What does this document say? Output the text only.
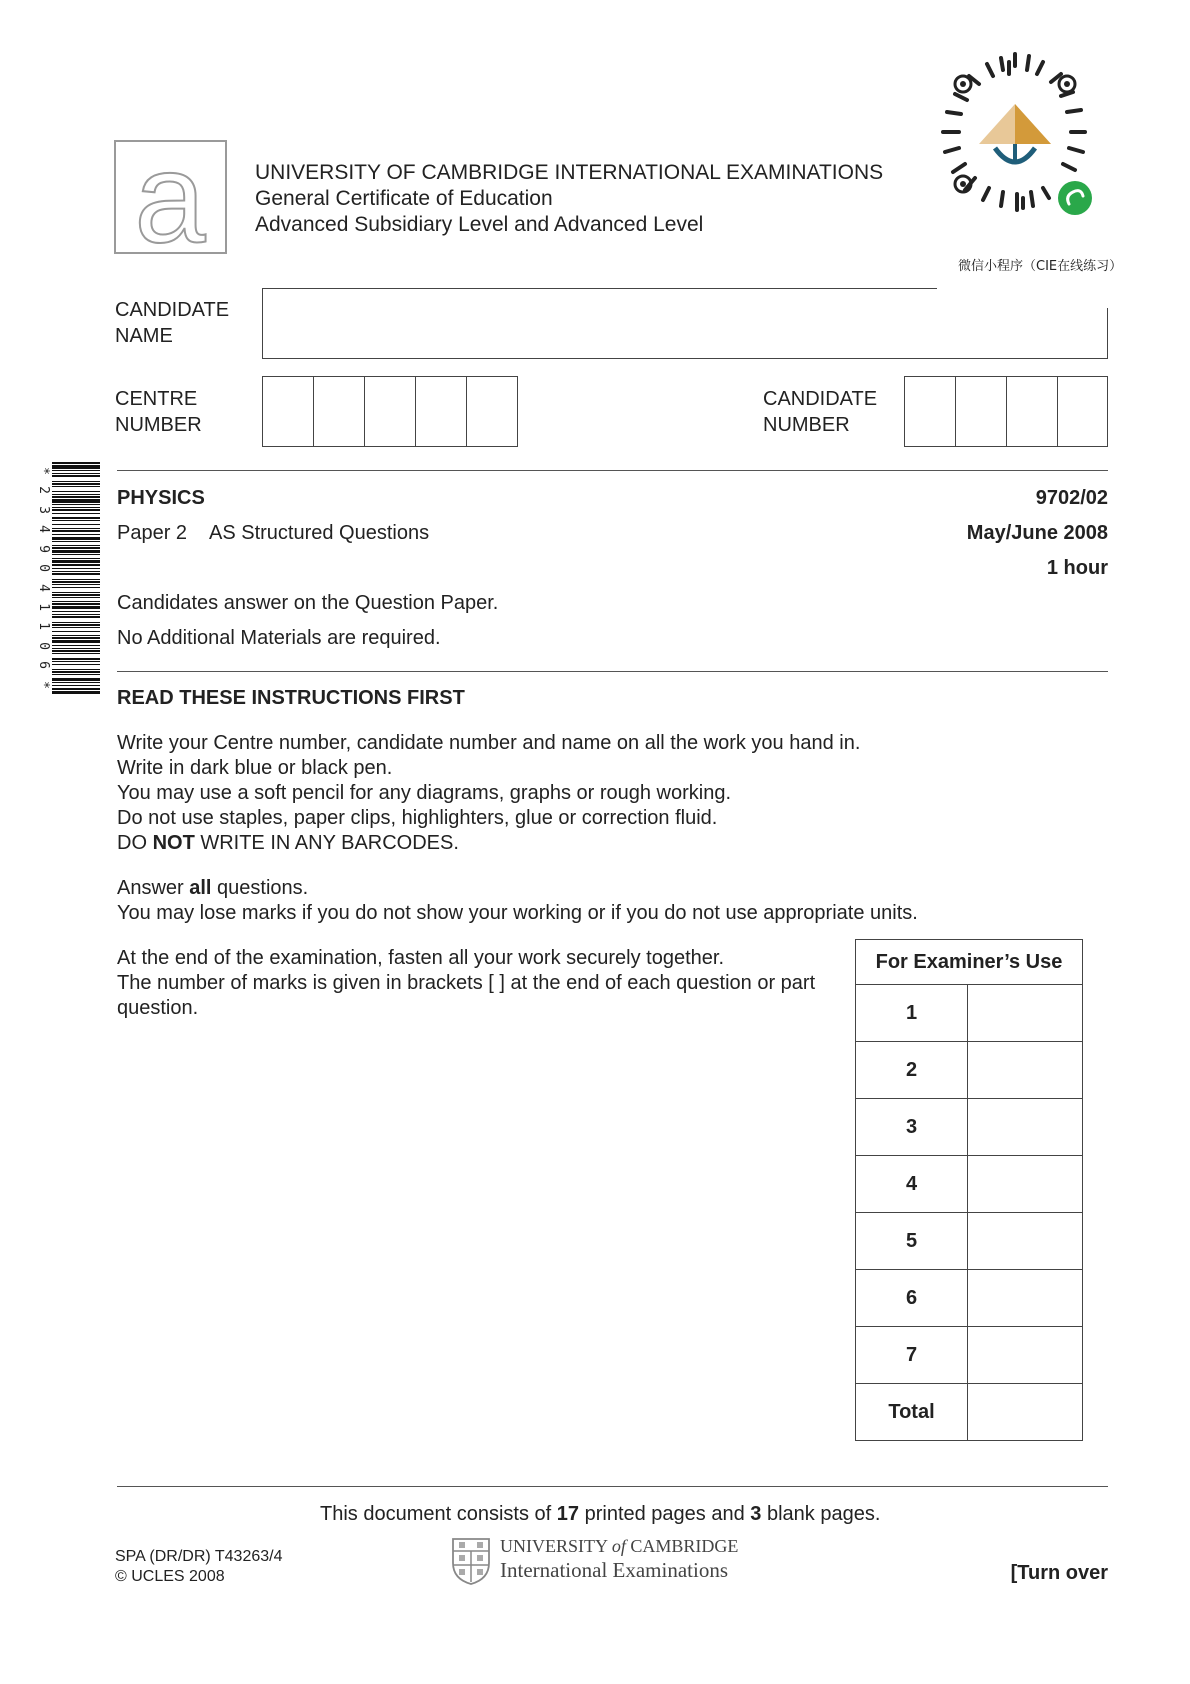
a UNIVERSITY OF CAMBRIDGE INTERNATIONAL EXAMINATIONS
General Certificate of Education
Advanced Subsidiary Level and Advanced Level
微信小程序（CIE在线练习）
CANDIDATE
NAME
CENTRE
NUMBER
CANDIDATE
NUMBER
*
2
3
4
9
0
4
1
1
0
6
*
PHYSICS	9702/02
Paper 2 AS Structured Questions	May/June 2008
1 hour
Candidates answer on the Question Paper.
No Additional Materials are required.
READ THESE INSTRUCTIONS FIRST
Write your Centre number, candidate number and name on all the work you hand in.
Write in dark blue or black pen.
You may use a soft pencil for any diagrams, graphs or rough working.
Do not use staples, paper clips, highlighters, glue or correction fluid.
DO NOT WRITE IN ANY BARCODES.
Answer all questions.
You may lose marks if you do not show your working or if you do not use appropriate units.
At the end of the examination, fasten all your work securely together.
The number of marks is given in brackets [ ] at the end of each question or part
question.
For Examiner’s Use	
1	
2	
3	
4	
5	
6	
7	
Total	
This document consists of 17 printed pages and 3 blank pages.
SPA (DR/DR) T43263/4
© UCLES 2008
UNIVERSITY of CAMBRIDGE
International Examinations	[Turn over
